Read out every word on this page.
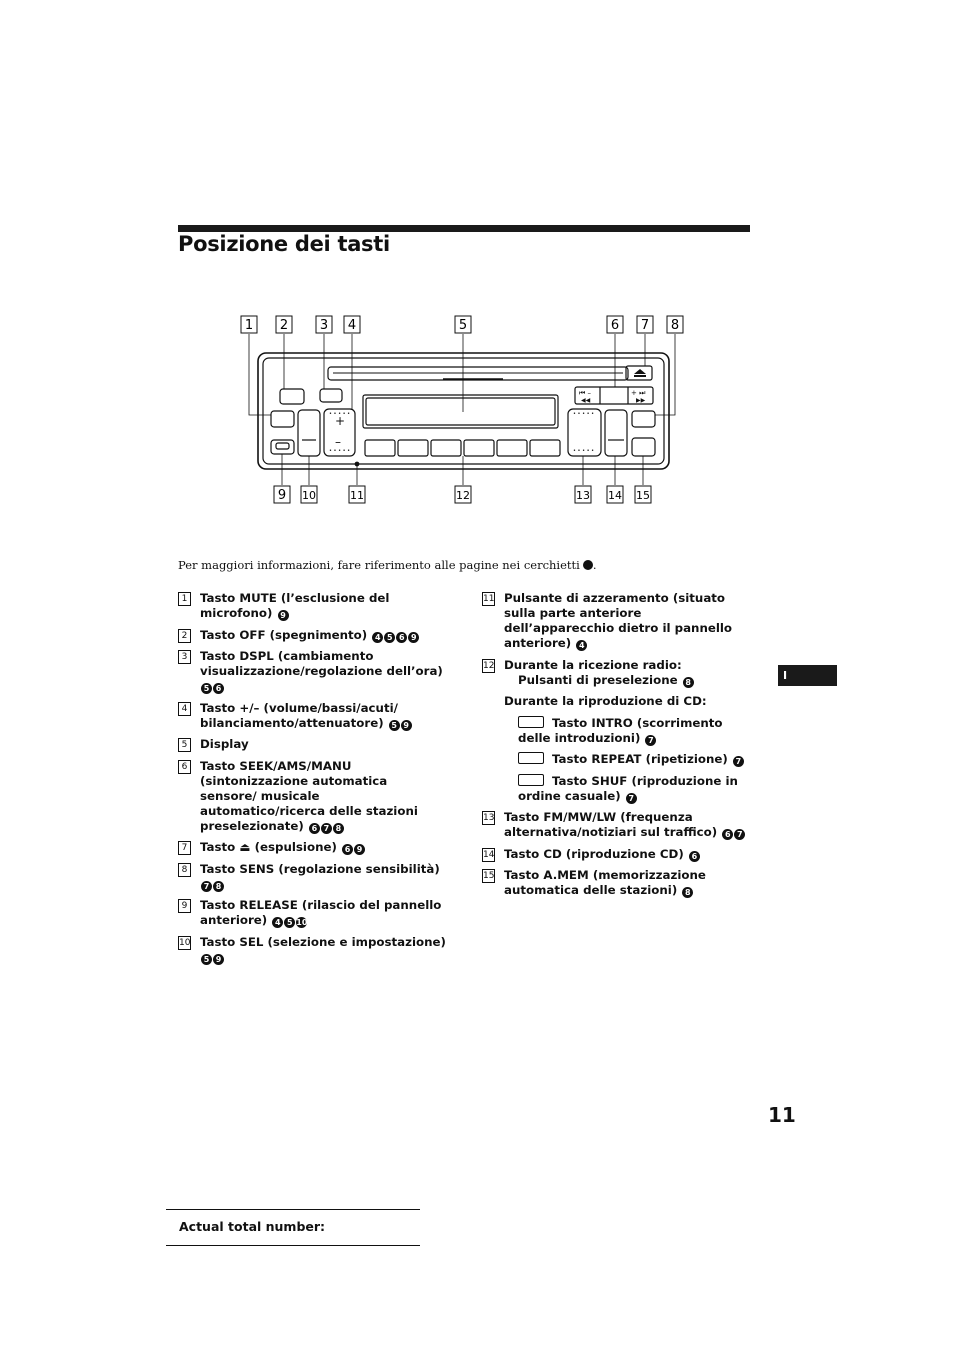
Posizione dei tasti
1 2 3 4	5	6 7 8
9 10	11	12	13 14 15
+
–
• • • • •
• • • • •
• • • • •
• • • • •
⏮ –
◀◀
+ ⏭
▶▶
Per maggiori informazioni, fare riferimento alle pagine nei cerchietti .
1	Tasto MUTE (l’esclusione del microfono) 9
2	Tasto OFF (spegnimento) 4 5 6 9
3	Tasto DSPL (cambiamento visualizzazione/regolazione dell’ora) 5 6
4	Tasto +/– (volume/bassi/acuti/ bilanciamento/attenuatore) 5 9
5	Display
6	Tasto SEEK/AMS/MANU (sintonizzazione automatica sensore/ musicale automatico/ricerca delle stazioni preselezionate) 6 7 8
7	Tasto ⏏ (espulsione) 6 9
8	Tasto SENS (regolazione sensibilità) 7 8
9	Tasto RELEASE (rilascio del pannello anteriore) 4 5 10
10 Tasto SEL (selezione e impostazione) 5 9
11 Pulsante di azzeramento (situato sulla parte anteriore dell’apparecchio dietro il pannello anteriore) 4
12 Durante la ricezione radio:
Pulsanti di preselezione 8
Durante la riproduzione di CD:
Tasto INTRO (scorrimento delle introduzioni) 7
Tasto REPEAT (ripetizione) 7
Tasto SHUF (riproduzione in ordine casuale) 7
13 Tasto FM/MW/LW (frequenza alternativa/notiziari sul traffico) 6 7
14 Tasto CD (riproduzione CD) 6
15 Tasto A.MEM (memorizzazione automatica delle stazioni) 8
I
11
Actual total number:
